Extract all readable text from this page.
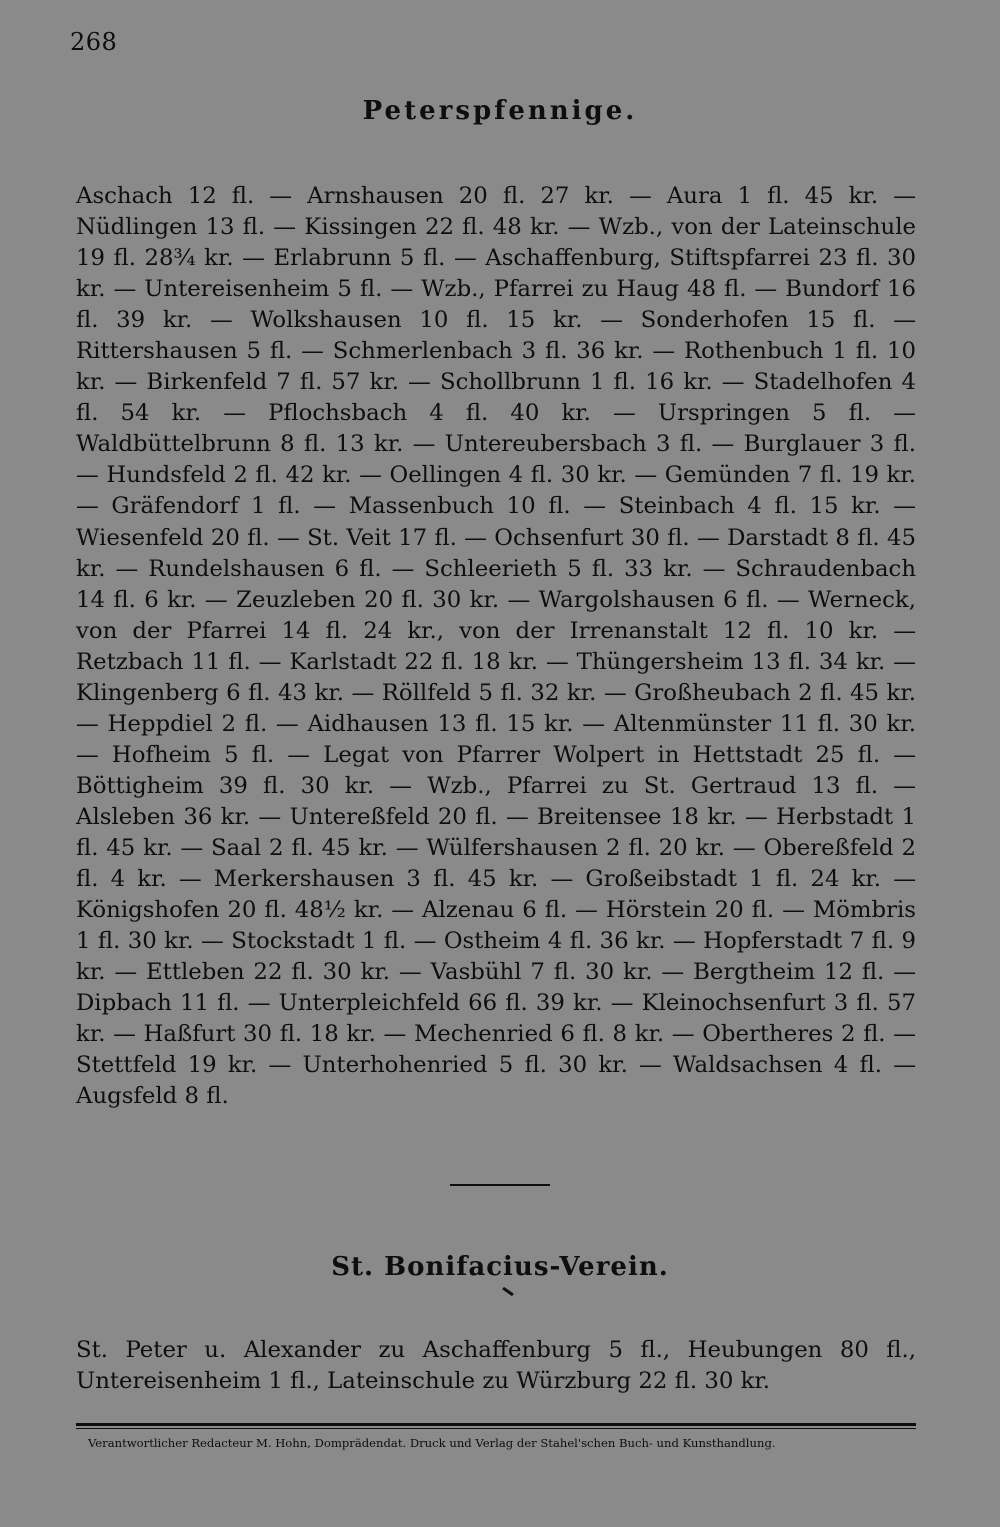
268
Peterspfennige.

Aschach 12 fl. — Arnshausen 20 fl. 27 kr. — Aura 1 fl. 45 kr. — Nüdlingen 13 fl. — Kissingen 22 fl. 48 kr. — Wzb., von der Lateinschule 19 fl. 28¾ kr. — Erlabrunn 5 fl. — Aschaffenburg, Stiftspfarrei 23 fl. 30 kr. — Untereisenheim 5 fl. — Wzb., Pfarrei zu Haug 48 fl. — Bundorf 16 fl. 39 kr. — Wolkshausen 10 fl. 15 kr. — Sonderhofen 15 fl. — Rittershausen 5 fl. — Schmerlenbach 3 fl. 36 kr. — Rothenbuch 1 fl. 10 kr. — Birkenfeld 7 fl. 57 kr. — Schollbrunn 1 fl. 16 kr. — Stadelhofen 4 fl. 54 kr. — Pflochsbach 4 fl. 40 kr. — Urspringen 5 fl. — Waldbüttelbrunn 8 fl. 13 kr. — Untereubersbach 3 fl. — Burglauer 3 fl. — Hundsfeld 2 fl. 42 kr. — Oellingen 4 fl. 30 kr. — Gemünden 7 fl. 19 kr. — Gräfendorf 1 fl. — Massenbuch 10 fl. — Steinbach 4 fl. 15 kr. — Wiesenfeld 20 fl. — St. Veit 17 fl. — Ochsenfurt 30 fl. — Darstadt 8 fl. 45 kr. — Rundelshausen 6 fl. — Schleerieth 5 fl. 33 kr. — Schraudenbach 14 fl. 6 kr. — Zeuzleben 20 fl. 30 kr. — Wargolshausen 6 fl. — Werneck, von der Pfarrei 14 fl. 24 kr., von der Irrenanstalt 12 fl. 10 kr. — Retzbach 11 fl. — Karlstadt 22 fl. 18 kr. — Thüngersheim 13 fl. 34 kr. — Klingenberg 6 fl. 43 kr. — Röllfeld 5 fl. 32 kr. — Großheubach 2 fl. 45 kr. — Heppdiel 2 fl. — Aidhausen 13 fl. 15 kr. — Altenmünster 11 fl. 30 kr. — Hofheim 5 fl. — Legat von Pfarrer Wolpert in Hettstadt 25 fl. — Böttigheim 39 fl. 30 kr. — Wzb., Pfarrei zu St. Gertraud 13 fl. — Alsleben 36 kr. — Untereßfeld 20 fl. — Breitensee 18 kr. — Herbstadt 1 fl. 45 kr. — Saal 2 fl. 45 kr. — Wülfershausen 2 fl. 20 kr. — Obereßfeld 2 fl. 4 kr. — Merkershausen 3 fl. 45 kr. — Großeibstadt 1 fl. 24 kr. — Königshofen 20 fl. 48½ kr. — Alzenau 6 fl. — Hörstein 20 fl. — Mömbris 1 fl. 30 kr. — Stockstadt 1 fl. — Ostheim 4 fl. 36 kr. — Hopferstadt 7 fl. 9 kr. — Ettleben 22 fl. 30 kr. — Vasbühl 7 fl. 30 kr. — Bergtheim 12 fl. — Dipbach 11 fl. — Unterpleichfeld 66 fl. 39 kr. — Kleinochsenfurt 3 fl. 57 kr. — Haßfurt 30 fl. 18 kr. — Mechenried 6 fl. 8 kr. — Obertheres 2 fl. — Stettfeld 19 kr. — Unterhohenried 5 fl. 30 kr. — Waldsachsen 4 fl. — Augsfeld 8 fl.

St. Bonifacius-Verein.

St. Peter u. Alexander zu Aschaffenburg 5 fl., Heubungen 80 fl., Untereisenheim 1 fl., Lateinschule zu Würzburg 22 fl. 30 kr.

Verantwortlicher Redacteur M. Hohn, Domprädendat. Druck und Verlag der Stahel'schen Buch- und Kunsthandlung.
